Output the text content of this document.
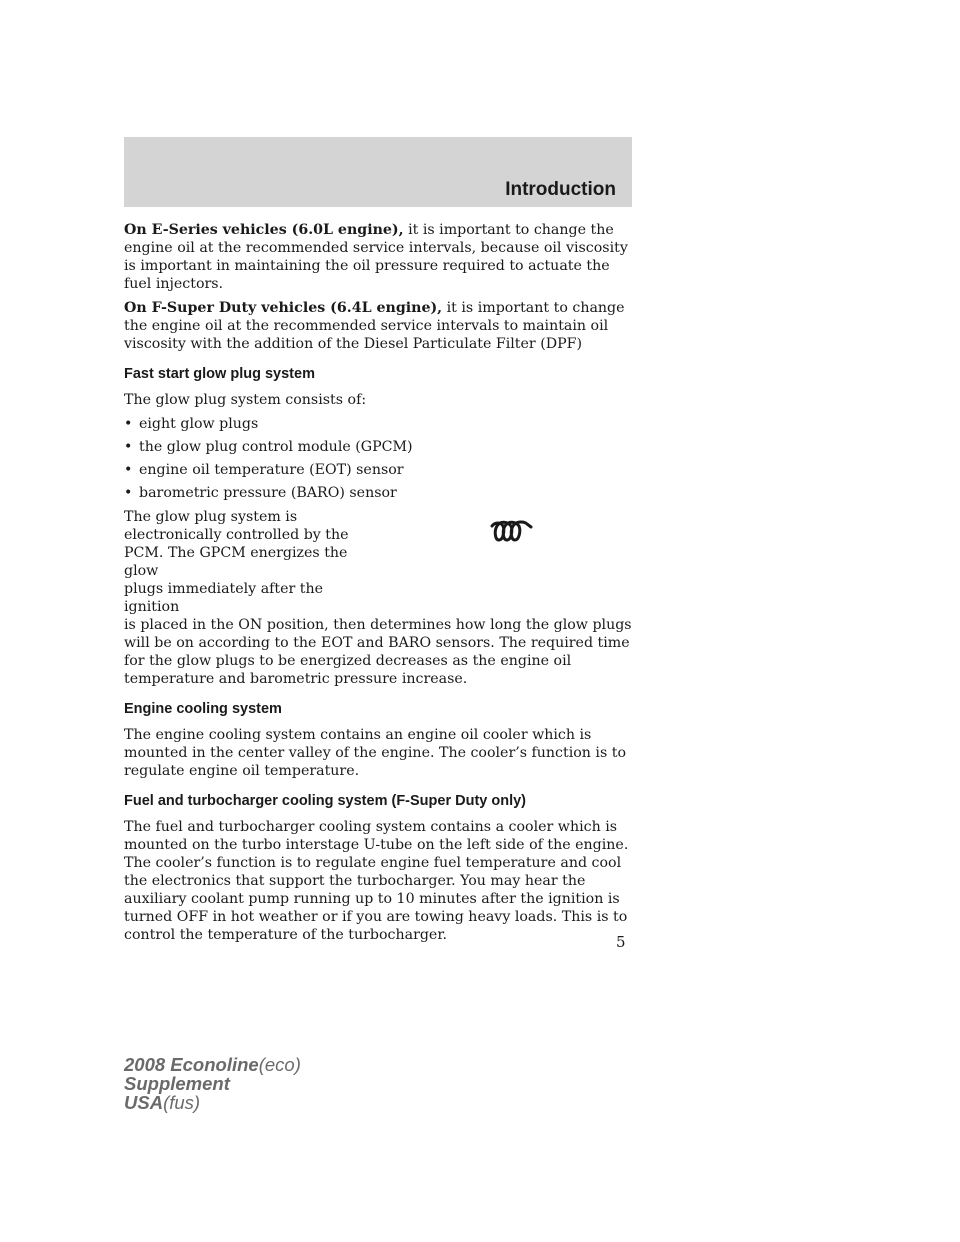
Introduction

On E-Series vehicles (6.0L engine), it is important to change the engine oil at the recommended service intervals, because oil viscosity is important in maintaining the oil pressure required to actuate the fuel injectors.

On F-Super Duty vehicles (6.4L engine), it is important to change the engine oil at the recommended service intervals to maintain oil viscosity with the addition of the Diesel Particulate Filter (DPF)

Fast start glow plug system

The glow plug system consists of:

• eight glow plugs
• the glow plug control module (GPCM)
• engine oil temperature (EOT) sensor
• barometric pressure (BARO) sensor
The glow plug system is
electronically controlled by the
PCM. The GPCM energizes the glow
plugs immediately after the ignition

is placed in the ON position, then determines how long the glow plugs will be on according to the EOT and BARO sensors. The required time for the glow plugs to be energized decreases as the engine oil temperature and barometric pressure increase.

Engine cooling system

The engine cooling system contains an engine oil cooler which is mounted in the center valley of the engine. The cooler’s function is to regulate engine oil temperature.

Fuel and turbocharger cooling system (F-Super Duty only)

The fuel and turbocharger cooling system contains a cooler which is mounted on the turbo interstage U-tube on the left side of the engine. The cooler’s function is to regulate engine fuel temperature and cool the electronics that support the turbocharger. You may hear the auxiliary coolant pump running up to 10 minutes after the ignition is turned OFF in hot weather or if you are towing heavy loads. This is to control the temperature of the turbocharger.	5
2008 Econoline(eco)
Supplement
USA(fus)
